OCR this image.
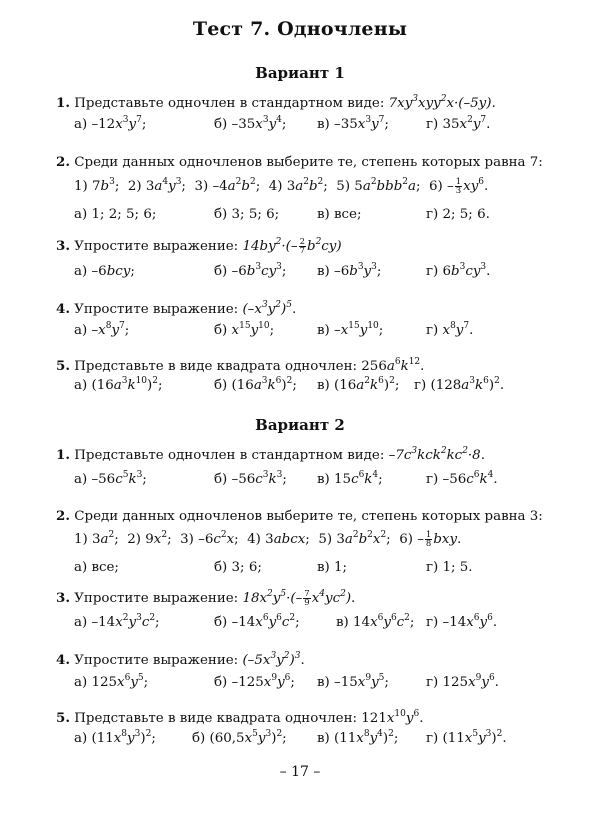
Тест 7. Одночлены
Вариант 1
1. Представьте одночлен в стандартном виде: $7xy^3xyy^2x\cdot(-5y)$.
а) $-12x^3y^7$;	б) $-35x^3y^4$; в) $-35x^3y^7$;	г) $35x^2y^7$.
2. Среди данных одночленов выберите те, степень которых равна 7:
1) $7b^3$;  2) $3a^4y^3$;  3) $-4a^2b^2$;  4) $3a^2b^2$;  5) $5a^2bbb^2a$;  $6) - \frac{1}{3} xy^6$.
а) 1; 2; 5; 6;	б) 3; 5; 6;	в) все;	г) 2; 5; 6.
3. Упростите выражение: $14by^2\cdot(- \frac{2}{7} b^2cy)$
а) –6bcy;	б) $-6b^3cy^3$; в) $-6b^3y^3$;	г) $6b^3cy^3$.
4. Упростите выражение: $(-x^3y^2)^5$.
а) $-x^8y^7$;	б) $x^{15}y^{10}$;	в) $-x^{15}y^{10}$;	г) $x^8y^7$.
5. Представьте в виде квадрата одночлен: $256a^6k^{12}$.
а) $(16a^3k^{10})^2$;	б) $(16a^3k^6)^2$; в) $(16a^2k^6)^2$; г) $(128a^3k^6)^2$.
Вариант 2
1. Представьте одночлен в стандартном виде: $-7c^3kck^2kc^2\cdot 8$.
а) $-56c^5k^3$;	б) $-56c^3k^3$; в) $15c^6k^4$;	г) $-56c^6k^4$.
2. Среди данных одночленов выберите те, степень которых равна 3:
1) $3a^2$;  2) $9x^2$;  3) $-6c^2x$;  4) 3abcx;  5) $3a^2b^2x^2$;  $6) - \frac{1}{8}$ bxy.
а) все;	б) 3; 6;	в) 1;	г) 1; 5.
3. Упростите выражение: $18x^2y^5\cdot(- \frac{7}{9} x^4yc^2)$.
а) $-14x^2y^3c^2$;	б) $-14x^6y^6c^2$;	в) $14x^6y^6c^2$; г) $-14x^6y^6$.
4. Упростите выражение: $(-5x^3y^2)^3$.
а) $125x^6y^5$;	б) $-125x^9y^6$; в) $-15x^9y^5$;	г) $125x^9y^6$.
5. Представьте в виде квадрата одночлен: $121x^{10}y^6$.
а) $(11x^8y^3)^2$;	б) $(60,5x^5y^3)^2$; в) $(11x^8y^4)^2$; г) $(11x^5y^3)^2$.
– 17 –
